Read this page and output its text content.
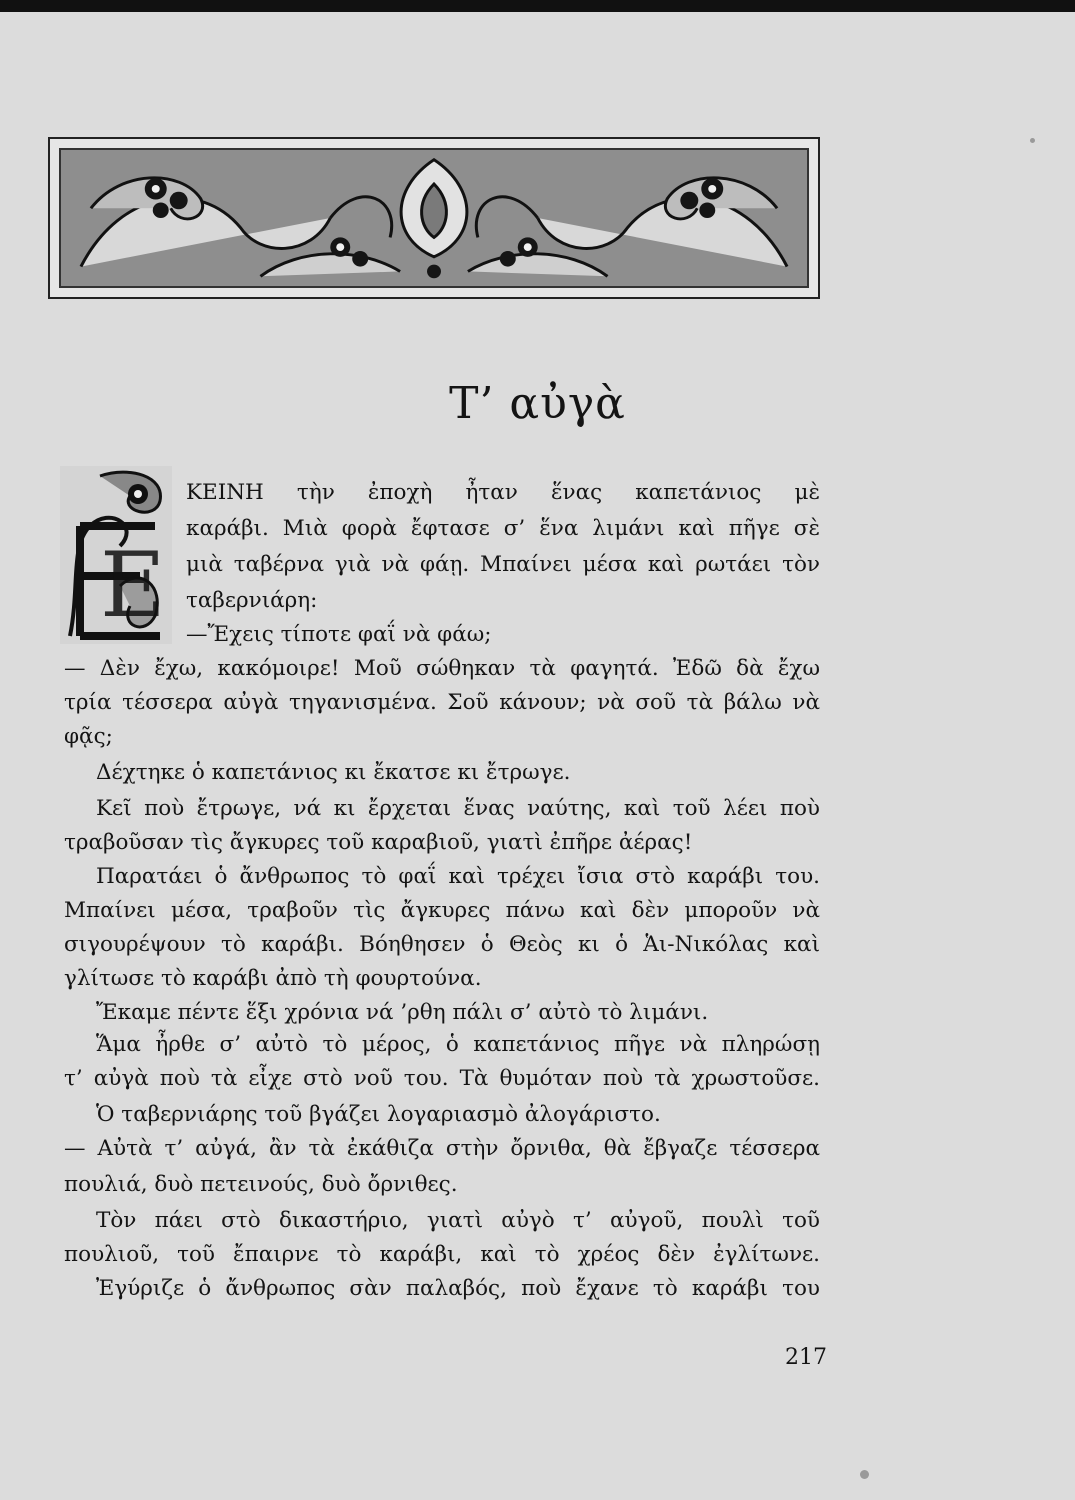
Τ’ αὐγὰ
Ε
ΚΕΙΝΗ τὴν ἐποχὴ ἦταν ἕνας καπετάνιος μὲ
καράβι. Μιὰ φορὰ ἔφτασε σ’ ἕνα λιμάνι καὶ πῆγε σὲ
μιὰ ταβέρνα γιὰ νὰ φάῃ. Μπαίνει μέσα καὶ ρωτάει τὸν
ταβερνιάρη:
—Ἔχεις τίποτε φαΐ νὰ φάω;
— Δὲν ἔχω, κακόμοιρε! Μοῦ σώθηκαν τὰ φαγητά. Ἐδῶ δὰ ἔχω
τρία τέσσερα αὐγὰ τηγανισμένα. Σοῦ κάνουν; νὰ σοῦ τὰ βάλω νὰ
φᾷς;
Δέχτηκε ὁ καπετάνιος κι ἔκατσε κι ἔτρωγε.
Κεῖ ποὺ ἔτρωγε, νά κι ἔρχεται ἕνας ναύτης, καὶ τοῦ λέει ποὺ
τραβοῦσαν τὶς ἄγκυρες τοῦ καραβιοῦ, γιατὶ ἐπῆρε ἀέρας!
Παρατάει ὁ ἄνθρωπος τὸ φαΐ καὶ τρέχει ἴσια στὸ καράβι του.
Μπαίνει μέσα, τραβοῦν τὶς ἄγκυρες πάνω καὶ δὲν μποροῦν νὰ
σιγουρέψουν τὸ καράβι. Βόηθησεν ὁ Θεὸς κι ὁ Ἁι-Νικόλας καὶ
γλίτωσε τὸ καράβι ἀπὸ τὴ φουρτούνα.
Ἔκαμε πέντε ἕξι χρόνια νά ’ρθη πάλι σ’ αὐτὸ τὸ λιμάνι.
Ἅμα ἦρθε σ’ αὐτὸ τὸ μέρος, ὁ καπετάνιος πῆγε νὰ πληρώσῃ
τ’ αὐγὰ ποὺ τὰ εἶχε στὸ νοῦ του. Τὰ θυμόταν ποὺ τὰ χρωστοῦσε.
Ὁ ταβερνιάρης τοῦ βγάζει λογαριασμὸ ἀλογάριστο.
— Αὐτὰ τ’ αὐγά, ἂν τὰ ἐκάθιζα στὴν ὄρνιθα, θὰ ἔβγαζε τέσσερα
πουλιά, δυὸ πετεινούς, δυὸ ὄρνιθες.
Τὸν πάει στὸ δικαστήριο, γιατὶ αὐγὸ τ’ αὐγοῦ, πουλὶ τοῦ
πουλιοῦ, τοῦ ἔπαιρνε τὸ καράβι, καὶ τὸ χρέος δὲν ἐγλίτωνε.
Ἐγύριζε ὁ ἄνθρωπος σὰν παλαβός, ποὺ ἔχανε τὸ καράβι του
217
